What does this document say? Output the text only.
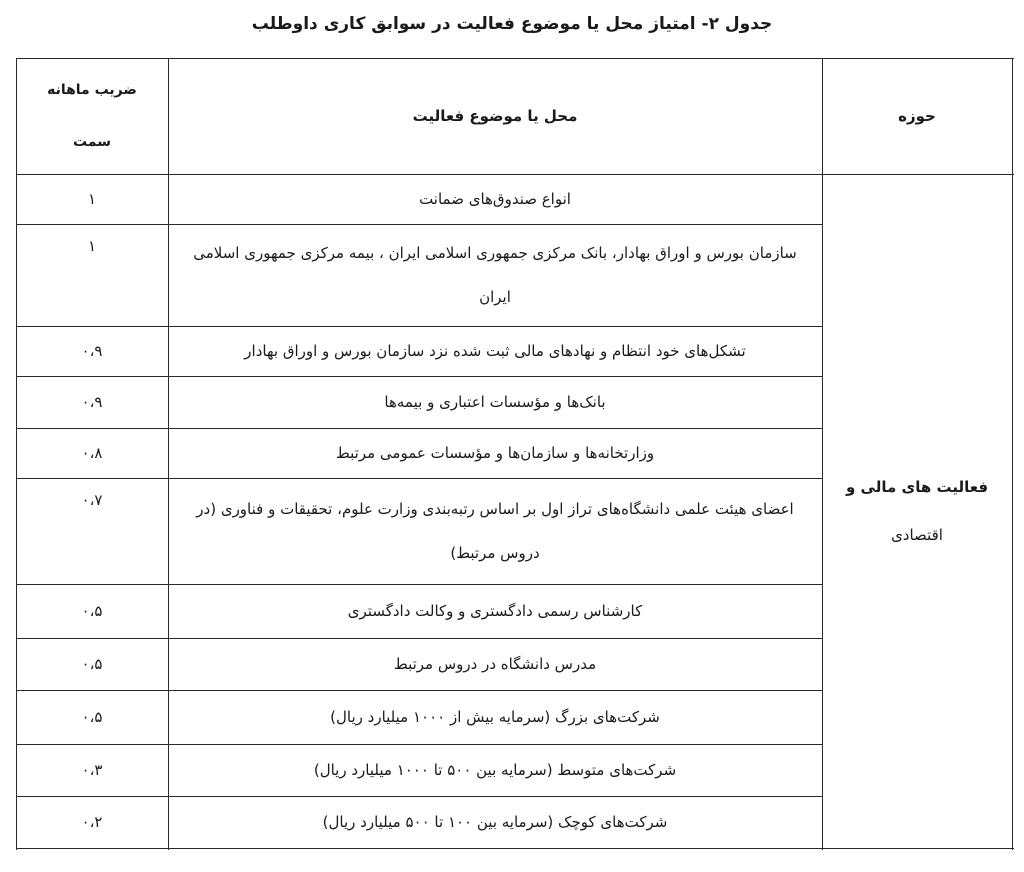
جدول ۲- امتیاز محل یا موضوع فعالیت در سوابق کاری داوطلب
ضریب ماهانه
سمت
محل یا موضوع فعالیت	حوزه
فعالیت های مالی و
اقتصادی
انواع صندوق‌های ضمانت
سازمان بورس و اوراق بهادار، بانک مرکزی جمهوری اسلامی ایران ، بیمه مرکزی جمهوری اسلامی ایران
تشکل‌های خود انتظام و نهادهای مالی ثبت شده نزد سازمان بورس و اوراق بهادار
بانک‌ها و مؤسسات اعتباری و بیمه‌ها
وزارتخانه‌ها و سازمان‌ها و مؤسسات عمومی مرتبط
اعضای هیئت علمی دانشگاه‌های تراز اول بر اساس رتبه‌بندی وزارت علوم، تحقیقات و فناوری (در دروس مرتبط)
کارشناس رسمی دادگستری و وکالت دادگستری
مدرس دانشگاه در دروس مرتبط
شرکت‌های بزرگ (سرمایه بیش از ۱۰۰۰ میلیارد ریال)
شرکت‌های متوسط (سرمایه بین ۵۰۰ تا ۱۰۰۰ میلیارد ریال)
شرکت‌های کوچک (سرمایه بین ۱۰۰ تا ۵۰۰ میلیارد ریال)
۱
۱
۰،۹
۰،۹
۰،۸
۰،۷
۰،۵
۰،۵
۰،۵
۰،۳
۰،۲
